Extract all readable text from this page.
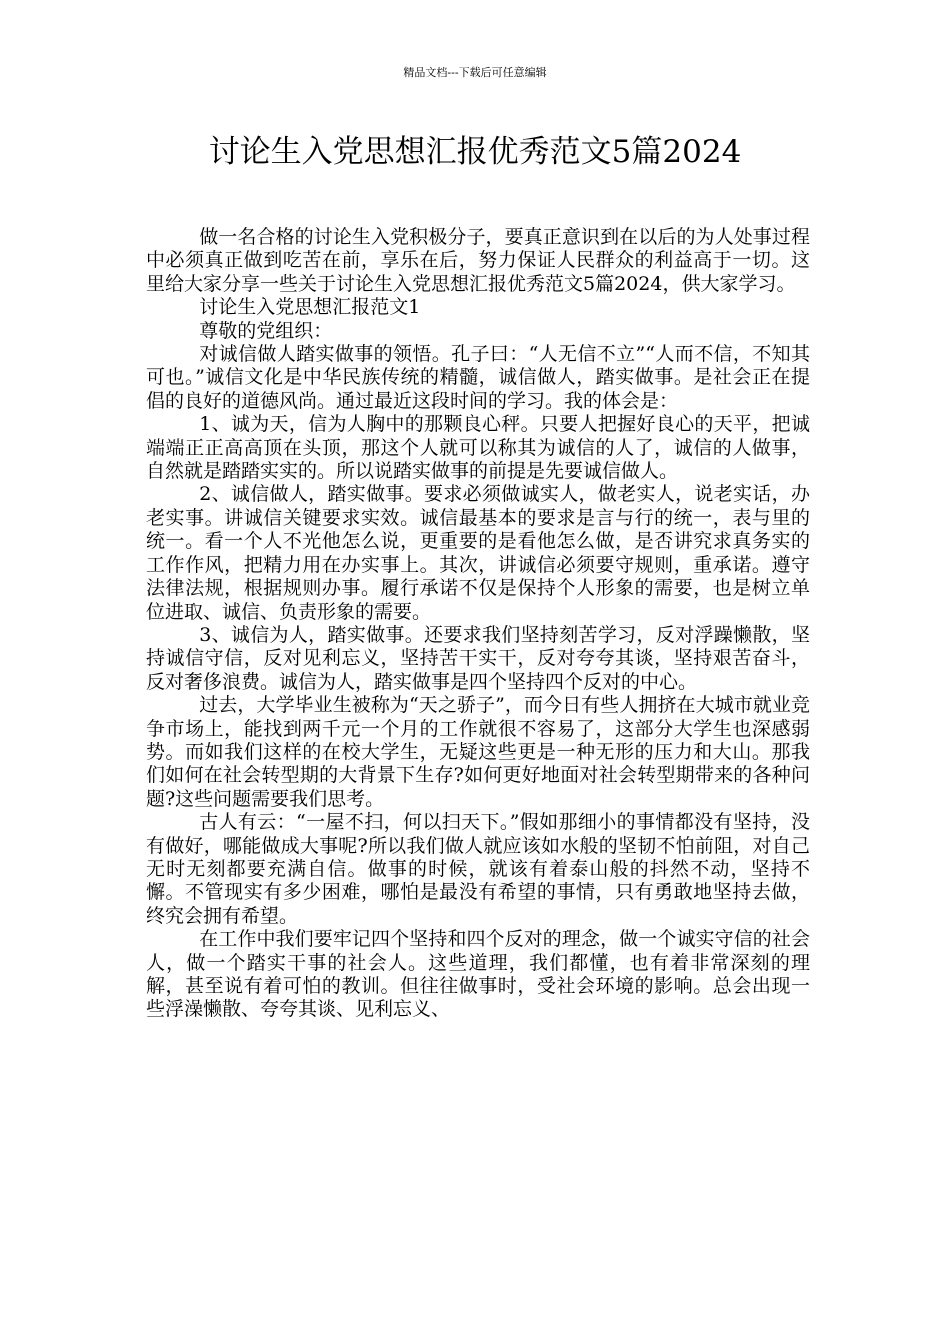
精品文档---下载后可任意编辑
讨论生入党思想汇报优秀范文5篇2024

做一名合格的讨论生入党积极分子，要真正意识到在以后的为人处事过程中必须真正做到吃苦在前，享乐在后，努力保证人民群众的利益高于一切。这里给大家分享一些关于讨论生入党思想汇报优秀范文5篇2024，供大家学习。

讨论生入党思想汇报范文1

尊敬的党组织：

对诚信做人踏实做事的领悟。孔子曰：“人无信不立”“人而不信，不知其可也。”诚信文化是中华民族传统的精髓，诚信做人，踏实做事。是社会正在提倡的良好的道德风尚。通过最近这段时间的学习。我的体会是：

1、诚为天，信为人胸中的那颗良心秤。只要人把握好良心的天平，把诚端端正正高高顶在头顶，那这个人就可以称其为诚信的人了，诚信的人做事，自然就是踏踏实实的。所以说踏实做事的前提是先要诚信做人。

2、诚信做人，踏实做事。要求必须做诚实人，做老实人，说老实话，办老实事。讲诚信关键要求实效。诚信最基本的要求是言与行的统一，表与里的统一。看一个人不光他怎么说，更重要的是看他怎么做，是否讲究求真务实的工作作风，把精力用在办实事上。其次，讲诚信必须要守规则，重承诺。遵守法律法规，根据规则办事。履行承诺不仅是保持个人形象的需要，也是树立单位进取、诚信、负责形象的需要。

3、诚信为人，踏实做事。还要求我们坚持刻苦学习，反对浮躁懒散，坚持诚信守信，反对见利忘义，坚持苦干实干，反对夸夸其谈，坚持艰苦奋斗，反对奢侈浪费。诚信为人，踏实做事是四个坚持四个反对的中心。

过去，大学毕业生被称为“天之骄子”，而今日有些人拥挤在大城市就业竞争市场上，能找到两千元一个月的工作就很不容易了，这部分大学生也深感弱势。而如我们这样的在校大学生，无疑这些更是一种无形的压力和大山。那我们如何在社会转型期的大背景下生存?如何更好地面对社会转型期带来的各种问题?这些问题需要我们思考。

古人有云：“一屋不扫，何以扫天下。”假如那细小的事情都没有坚持，没有做好，哪能做成大事呢?所以我们做人就应该如水般的坚韧不怕前阻，对自己无时无刻都要充满自信。做事的时候，就该有着泰山般的抖然不动，坚持不懈。不管现实有多少困难，哪怕是最没有希望的事情，只有勇敢地坚持去做，终究会拥有希望。

在工作中我们要牢记四个坚持和四个反对的理念，做一个诚实守信的社会人，做一个踏实干事的社会人。这些道理，我们都懂，也有着非常深刻的理解，甚至说有着可怕的教训。但往往做事时，受社会环境的影响。总会出现一些浮澡懒散、夸夸其谈、见利忘义、
